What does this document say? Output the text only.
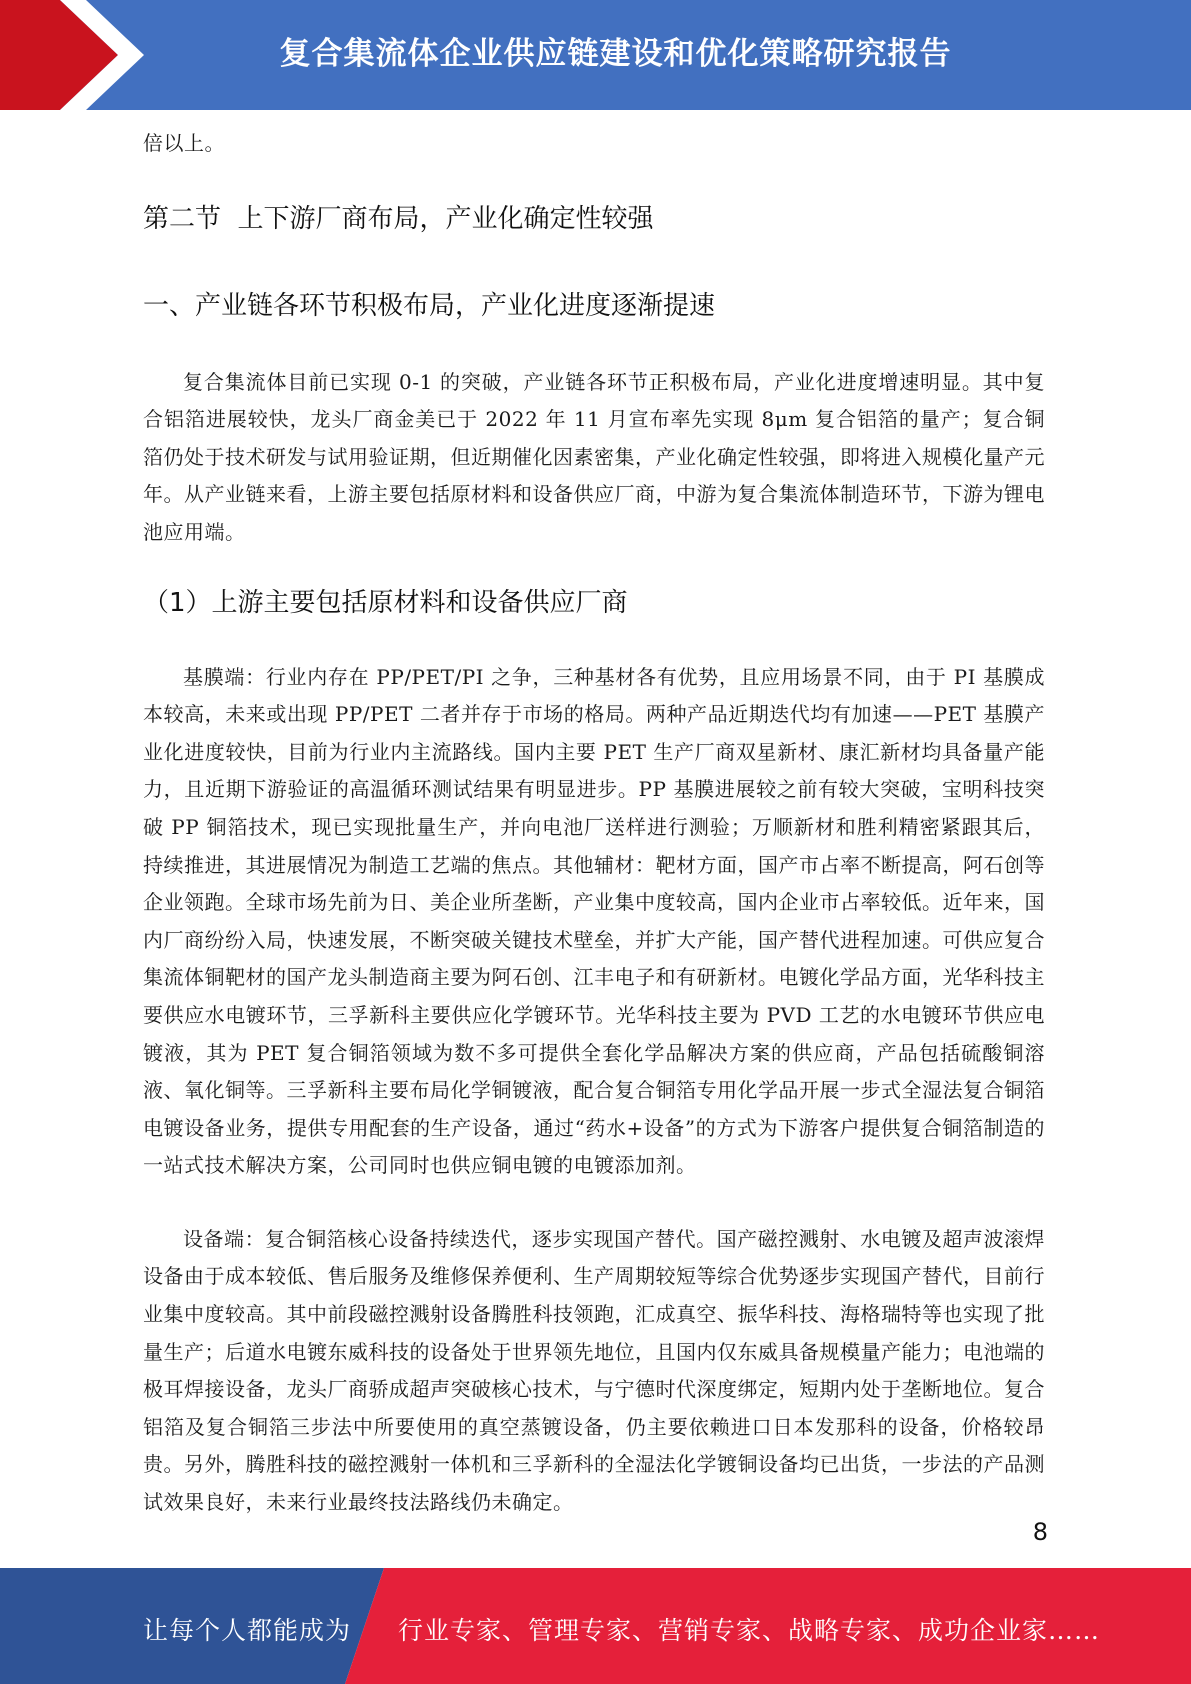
复合集流体企业供应链建设和优化策略研究报告

倍以上。

第二节  上下游厂商布局，产业化确定性较强
一、产业链各环节积极布局，产业化进度逐渐提速

复合集流体目前已实现 0-1 的突破，产业链各环节正积极布局，产业化进度增速明显。其中复合铝箔进展较快，龙头厂商金美已于 2022 年 11 月宣布率先实现 8μm 复合铝箔的量产；复合铜箔仍处于技术研发与试用验证期，但近期催化因素密集，产业化确定性较强，即将进入规模化量产元年。从产业链来看，上游主要包括原材料和设备供应厂商，中游为复合集流体制造环节，下游为锂电池应用端。

（1）上游主要包括原材料和设备供应厂商

基膜端：行业内存在 PP/PET/PI 之争，三种基材各有优势，且应用场景不同，由于 PI 基膜成本较高，未来或出现 PP/PET 二者并存于市场的格局。两种产品近期迭代均有加速——PET 基膜产业化进度较快，目前为行业内主流路线。国内主要 PET 生产厂商双星新材、康汇新材均具备量产能力，且近期下游验证的高温循环测试结果有明显进步。PP 基膜进展较之前有较大突破，宝明科技突破 PP 铜箔技术，现已实现批量生产，并向电池厂送样进行测验；万顺新材和胜利精密紧跟其后，持续推进，其进展情况为制造工艺端的焦点。其他辅材：靶材方面，国产市占率不断提高，阿石创等企业领跑。全球市场先前为日、美企业所垄断，产业集中度较高，国内企业市占率较低。近年来，国内厂商纷纷入局，快速发展，不断突破关键技术壁垒，并扩大产能，国产替代进程加速。可供应复合集流体铜靶材的国产龙头制造商主要为阿石创、江丰电子和有研新材。电镀化学品方面，光华科技主要供应水电镀环节，三孚新科主要供应化学镀环节。光华科技主要为 PVD 工艺的水电镀环节供应电镀液，其为 PET 复合铜箔领域为数不多可提供全套化学品解决方案的供应商，产品包括硫酸铜溶液、氧化铜等。三孚新科主要布局化学铜镀液，配合复合铜箔专用化学品开展一步式全湿法复合铜箔电镀设备业务，提供专用配套的生产设备，通过“药水+设备”的方式为下游客户提供复合铜箔制造的一站式技术解决方案，公司同时也供应铜电镀的电镀添加剂。

设备端：复合铜箔核心设备持续迭代，逐步实现国产替代。国产磁控溅射、水电镀及超声波滚焊设备由于成本较低、售后服务及维修保养便利、生产周期较短等综合优势逐步实现国产替代，目前行业集中度较高。其中前段磁控溅射设备腾胜科技领跑，汇成真空、振华科技、海格瑞特等也实现了批量生产；后道水电镀东威科技的设备处于世界领先地位，且国内仅东威具备规模量产能力；电池端的极耳焊接设备，龙头厂商骄成超声突破核心技术，与宁德时代深度绑定，短期内处于垄断地位。复合铝箔及复合铜箔三步法中所要使用的真空蒸镀设备，仍主要依赖进口日本发那科的设备，价格较昂贵。另外，腾胜科技的磁控溅射一体机和三孚新科的全湿法化学镀铜设备均已出货，一步法的产品测试效果良好，未来行业最终技法路线仍未确定。

8
让每个人都能成为 行业专家、管理专家、营销专家、战略专家、成功企业家……
